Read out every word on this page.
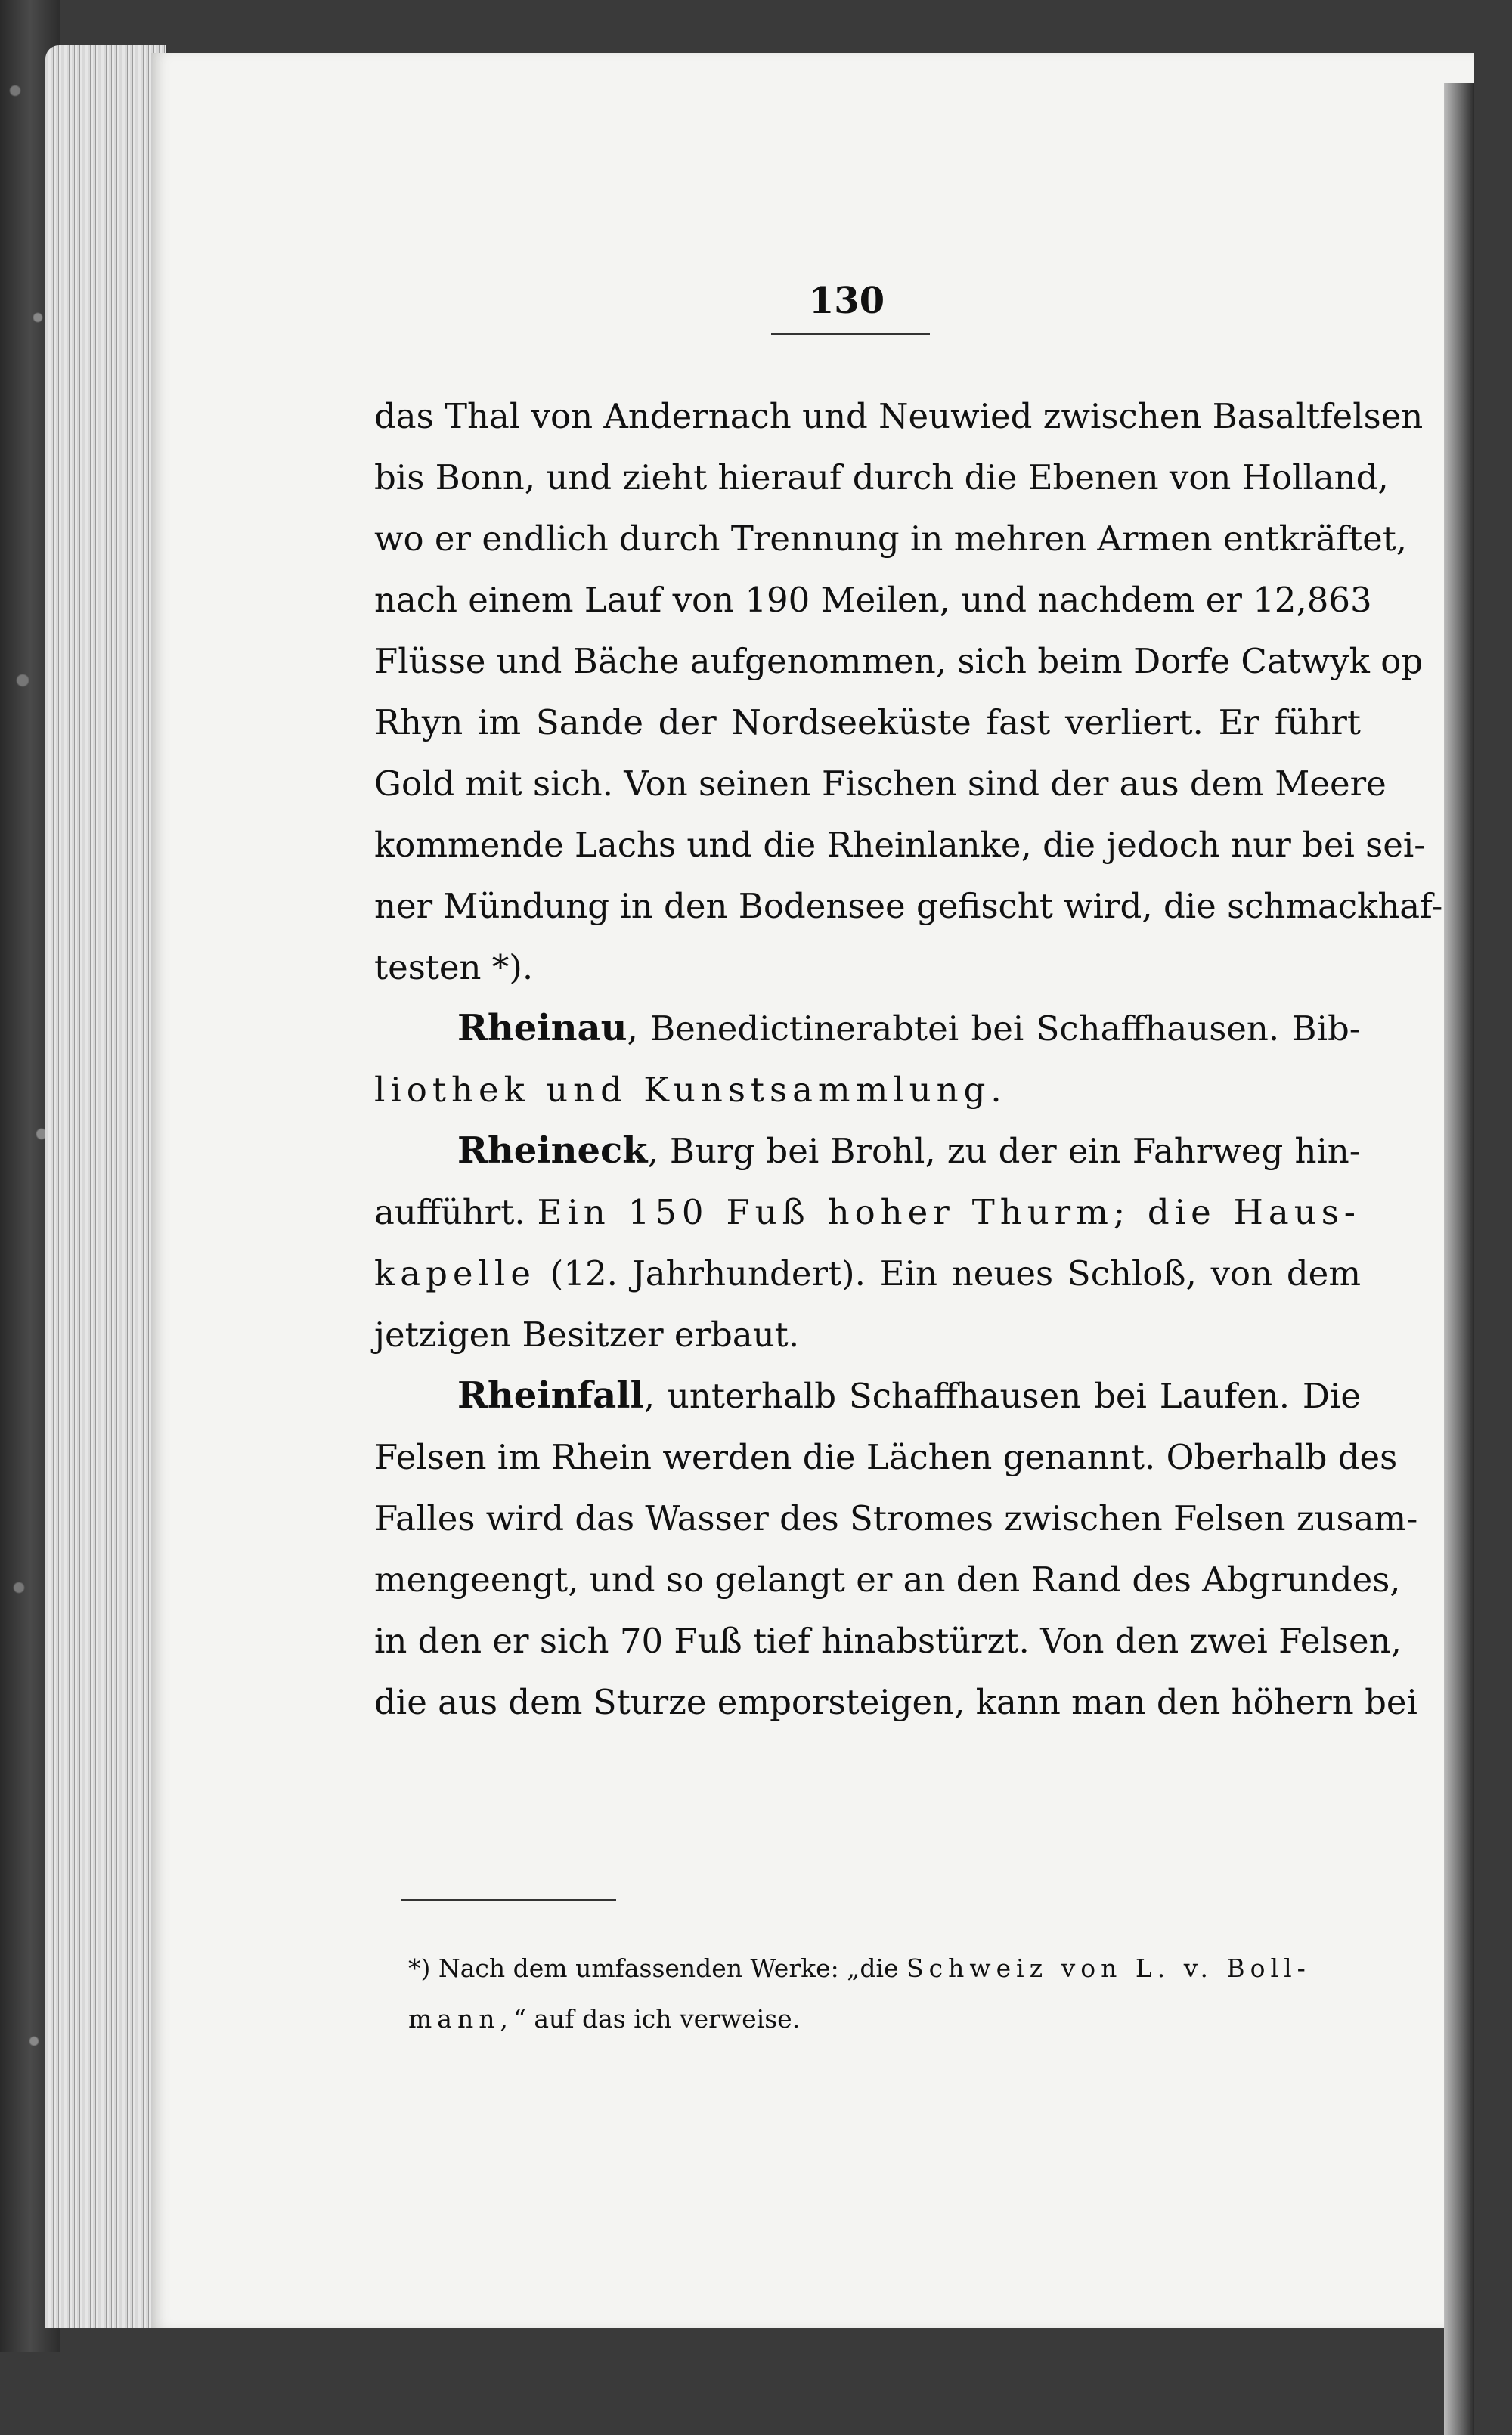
130
das Thal von Andernach und Neuwied zwischen Basaltfelsen
bis Bonn, und zieht hierauf durch die Ebenen von Holland,
wo er endlich durch Trennung in mehren Armen entkräftet,
nach einem Lauf von 190 Meilen, und nachdem er 12,863
Flüsse und Bäche aufgenommen, sich beim Dorfe Catwyk op
Rhyn im Sande der Nordseeküste fast verliert. Er führt
Gold mit sich. Von seinen Fischen sind der aus dem Meere
kommende Lachs und die Rheinlanke, die jedoch nur bei sei-
ner Mündung in den Bodensee gefischt wird, die schmackhaf-
testen *).
Rheinau, Benedictinerabtei bei Schaffhausen. Bib-
liothek und Kunstsammlung.
Rheineck, Burg bei Brohl, zu der ein Fahrweg hin-
aufführt. Ein 150 Fuß hoher Thurm; die Haus-
kapelle (12. Jahrhundert). Ein neues Schloß, von dem
jetzigen Besitzer erbaut.
Rheinfall, unterhalb Schaffhausen bei Laufen. Die
Felsen im Rhein werden die Lächen genannt. Oberhalb des
Falles wird das Wasser des Stromes zwischen Felsen zusam-
mengeengt, und so gelangt er an den Rand des Abgrundes,
in den er sich 70 Fuß tief hinabstürzt. Von den zwei Felsen,
die aus dem Sturze emporsteigen, kann man den höhern bei
*) Nach dem umfassenden Werke: „die Schweiz von L. v. Boll-
mann,“ auf das ich verweise.
